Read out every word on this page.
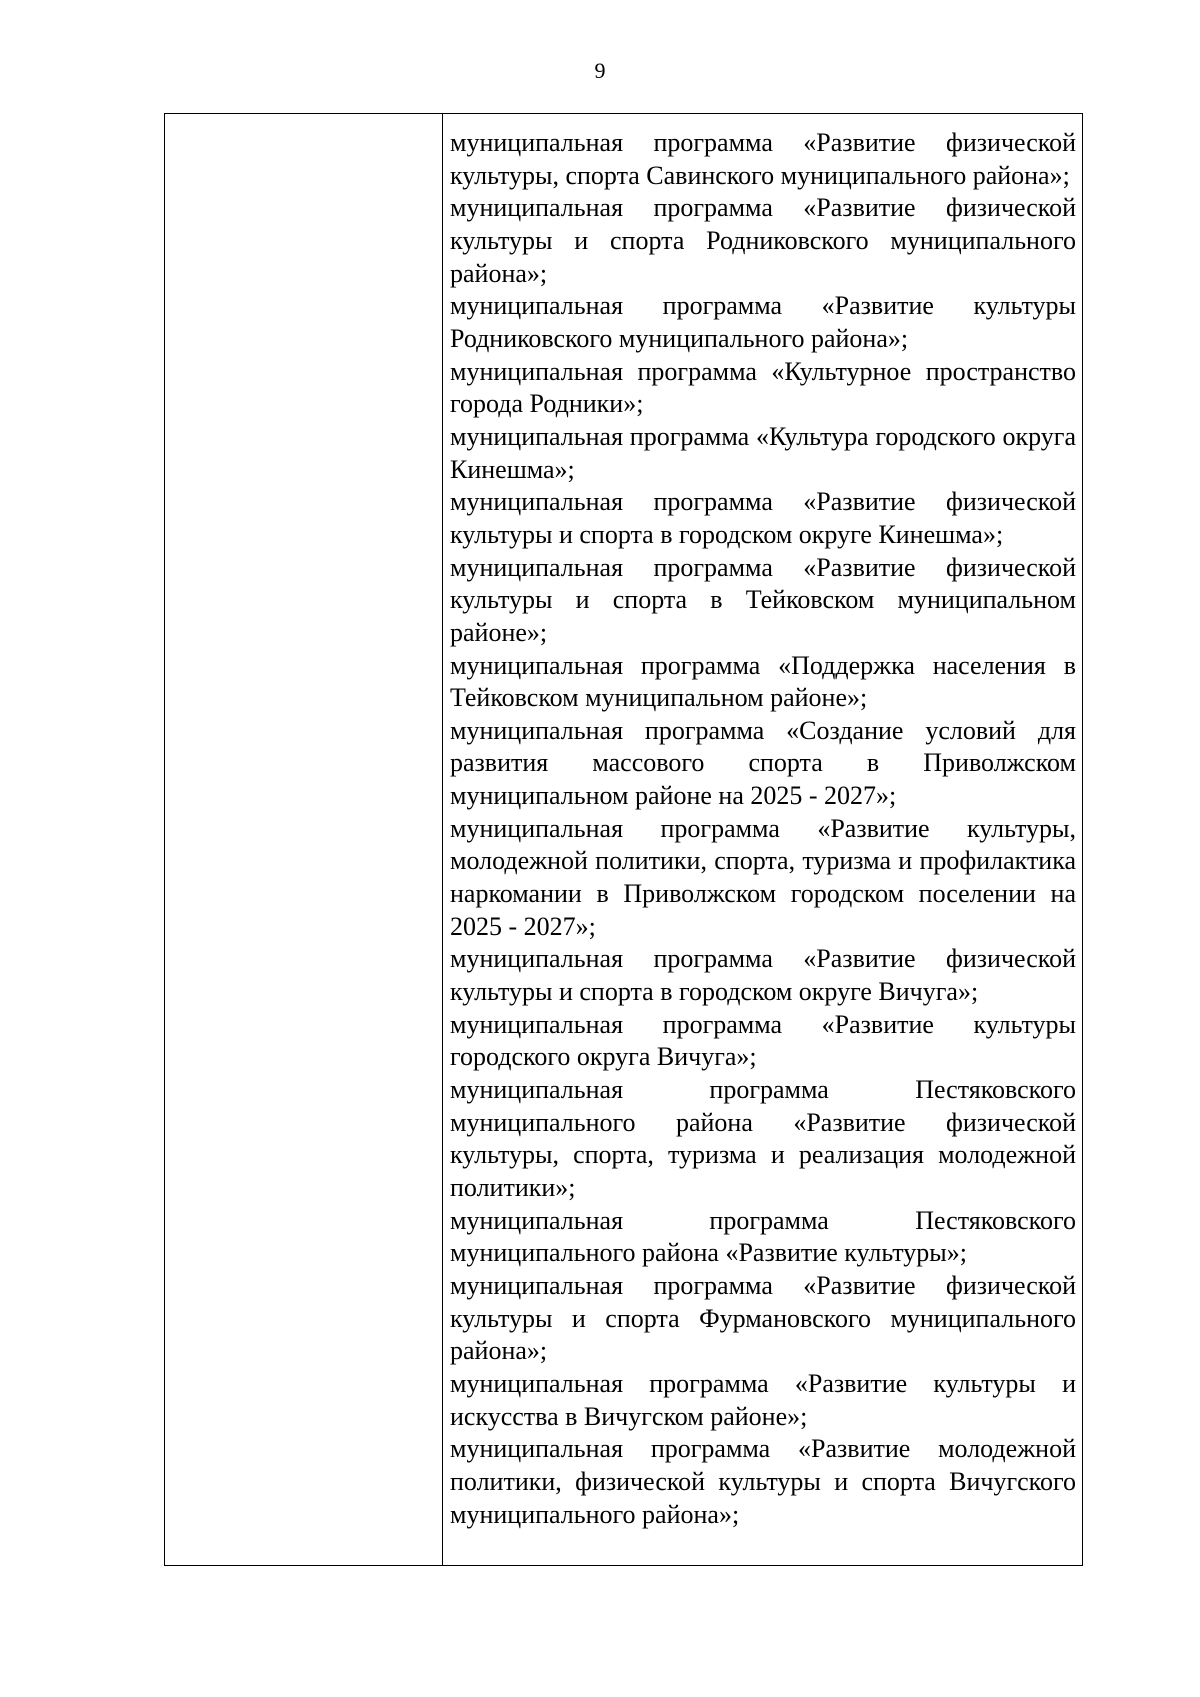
9

муниципальная программа «Развитие физической культуры, спорта Савинского муниципального района»;

муниципальная программа «Развитие физической культуры и спорта Родниковского муниципального района»;

муниципальная программа «Развитие культуры Родниковского муниципального района»;

муниципальная программа «Культурное пространство города Родники»;

муниципальная программа «Культура городского округа Кинешма»;

муниципальная программа «Развитие физической культуры и спорта в городском округе Кинешма»;

муниципальная программа «Развитие физической культуры и спорта в Тейковском муниципальном районе»;

муниципальная программа «Поддержка населения в Тейковском муниципальном районе»;

муниципальная программа «Создание условий для развития массового спорта в Приволжском муниципальном районе на 2025 - 2027»;

муниципальная программа «Развитие культуры, молодежной политики, спорта, туризма и профилактика наркомании в Приволжском городском поселении на 2025 - 2027»;

муниципальная программа «Развитие физической культуры и спорта в городском округе Вичуга»;

муниципальная программа «Развитие культуры городского округа Вичуга»;

муниципальная программа Пестяковского муниципального района «Развитие физической культуры, спорта, туризма и реализация молодежной политики»;

муниципальная программа Пестяковского муниципального района «Развитие культуры»;

муниципальная программа «Развитие физической культуры и спорта Фурмановского муниципального района»;

муниципальная программа «Развитие культуры и искусства в Вичугском районе»;

муниципальная программа «Развитие молодежной политики, физической культуры и спорта Вичугского муниципального района»;
